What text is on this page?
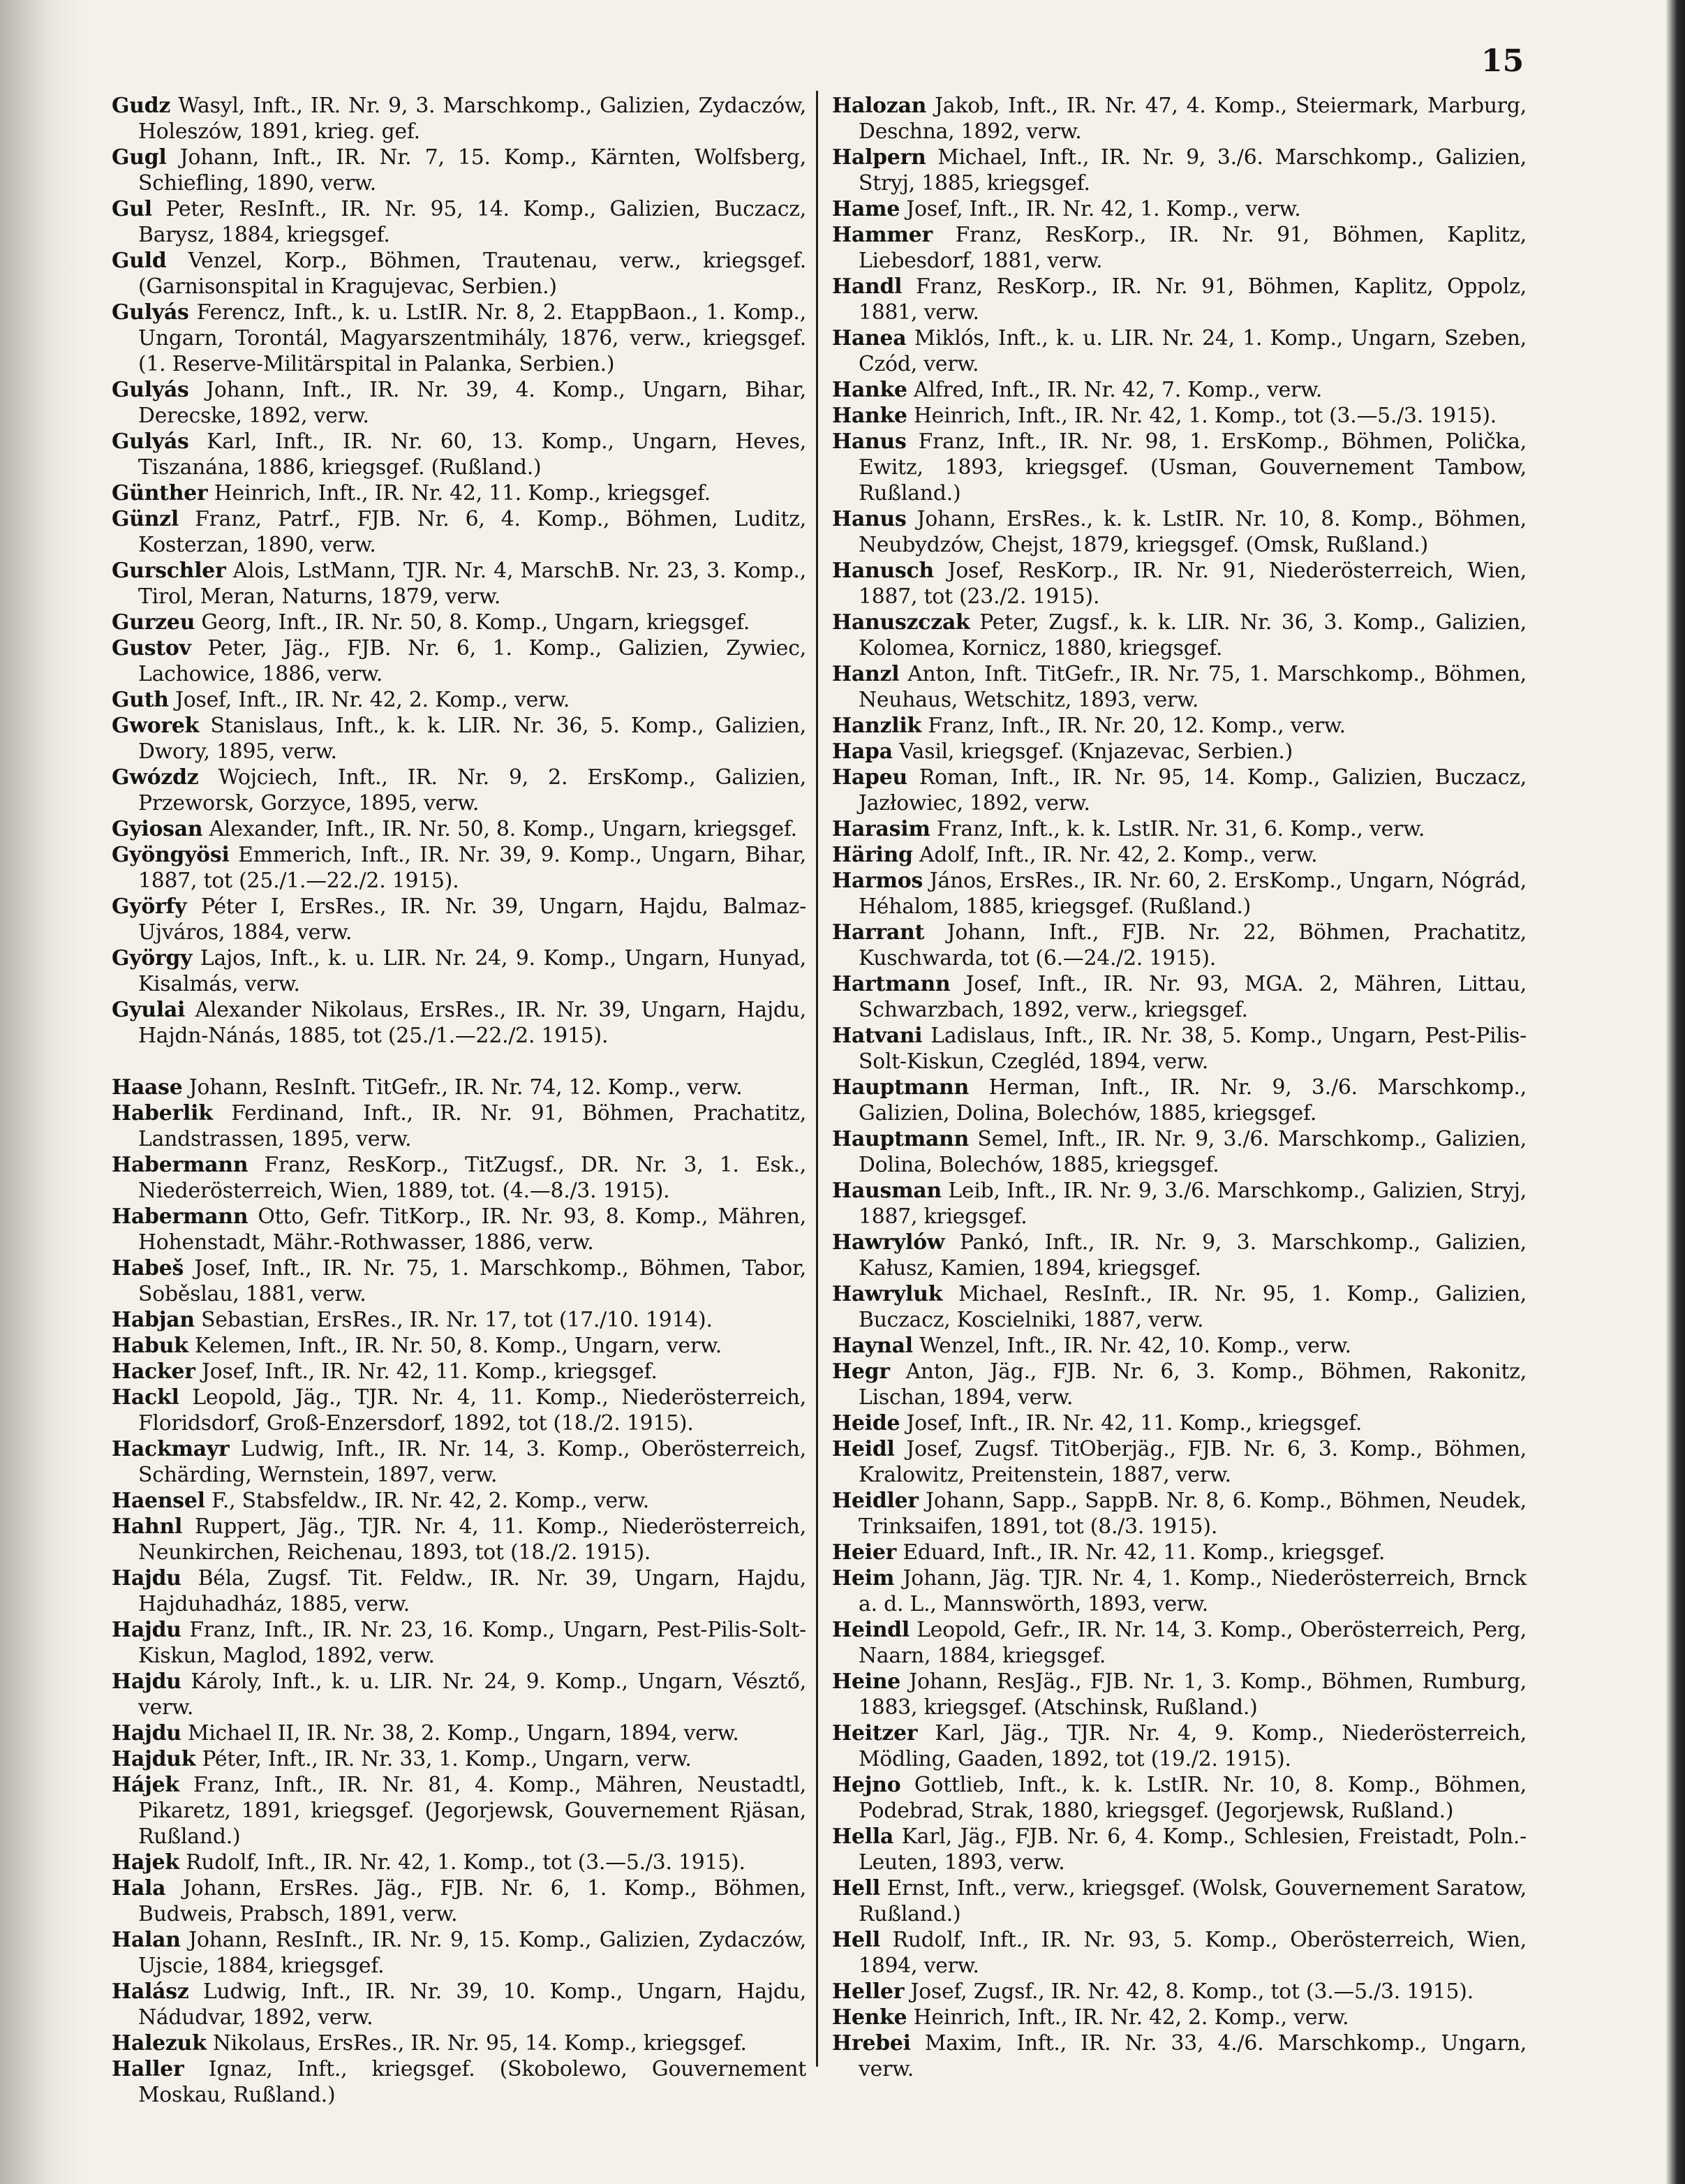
15

Gudz Wasyl, Inft., IR. Nr. 9, 3. Marschkomp., Galizien, Zydaczów, Holeszów, 1891, krieg. gef.

Gugl Johann, Inft., IR. Nr. 7, 15. Komp., Kärnten, Wolfsberg, Schiefling, 1890, verw.

Gul Peter, ResInft., IR. Nr. 95, 14. Komp., Galizien, Buczacz, Barysz, 1884, kriegsgef.

Guld Venzel, Korp., Böhmen, Trautenau, verw., kriegsgef. (Garnisonspital in Kragujevac, Serbien.)

Gulyás Ferencz, Inft., k. u. LstIR. Nr. 8, 2. EtappBaon., 1. Komp., Ungarn, Torontál, Magyarszentmihály, 1876, verw., kriegsgef. (1. Reserve-Militärspital in Palanka, Serbien.)

Gulyás Johann, Inft., IR. Nr. 39, 4. Komp., Ungarn, Bihar, Derecske, 1892, verw.

Gulyás Karl, Inft., IR. Nr. 60, 13. Komp., Ungarn, Heves, Tiszanána, 1886, kriegsgef. (Rußland.)

Günther Heinrich, Inft., IR. Nr. 42, 11. Komp., kriegsgef.

Günzl Franz, Patrf., FJB. Nr. 6, 4. Komp., Böhmen, Luditz, Kosterzan, 1890, verw.

Gurschler Alois, LstMann, TJR. Nr. 4, MarschB. Nr. 23, 3. Komp., Tirol, Meran, Naturns, 1879, verw.

Gurzeu Georg, Inft., IR. Nr. 50, 8. Komp., Ungarn, kriegsgef.

Gustov Peter, Jäg., FJB. Nr. 6, 1. Komp., Galizien, Zywiec, Lachowice, 1886, verw.

Guth Josef, Inft., IR. Nr. 42, 2. Komp., verw.

Gworek Stanislaus, Inft., k. k. LIR. Nr. 36, 5. Komp., Galizien, Dwory, 1895, verw.

Gwózdz Wojciech, Inft., IR. Nr. 9, 2. ErsKomp., Galizien, Przeworsk, Gorzyce, 1895, verw.

Gyiosan Alexander, Inft., IR. Nr. 50, 8. Komp., Ungarn, kriegsgef.

Gyöngyösi Emmerich, Inft., IR. Nr. 39, 9. Komp., Ungarn, Bihar, 1887, tot (25./1.—22./2. 1915).

Györfy Péter I, ErsRes., IR. Nr. 39, Ungarn, Hajdu, Balmaz-Ujváros, 1884, verw.

György Lajos, Inft., k. u. LIR. Nr. 24, 9. Komp., Ungarn, Hunyad, Kisalmás, verw.

Gyulai Alexander Nikolaus, ErsRes., IR. Nr. 39, Ungarn, Hajdu, Hajdn-Nánás, 1885, tot (25./1.—22./2. 1915).

Haase Johann, ResInft. TitGefr., IR. Nr. 74, 12. Komp., verw.

Haberlik Ferdinand, Inft., IR. Nr. 91, Böhmen, Prachatitz, Landstrassen, 1895, verw.

Habermann Franz, ResKorp., TitZugsf., DR. Nr. 3, 1. Esk., Niederösterreich, Wien, 1889, tot. (4.—8./3. 1915).

Habermann Otto, Gefr. TitKorp., IR. Nr. 93, 8. Komp., Mähren, Hohenstadt, Mähr.-Rothwasser, 1886, verw.

Habeš Josef, Inft., IR. Nr. 75, 1. Marschkomp., Böhmen, Tabor, Soběslau, 1881, verw.

Habjan Sebastian, ErsRes., IR. Nr. 17, tot (17./10. 1914).

Habuk Kelemen, Inft., IR. Nr. 50, 8. Komp., Ungarn, verw.

Hacker Josef, Inft., IR. Nr. 42, 11. Komp., kriegsgef.

Hackl Leopold, Jäg., TJR. Nr. 4, 11. Komp., Niederösterreich, Floridsdorf, Groß-Enzersdorf, 1892, tot (18./2. 1915).

Hackmayr Ludwig, Inft., IR. Nr. 14, 3. Komp., Oberösterreich, Schärding, Wernstein, 1897, verw.

Haensel F., Stabsfeldw., IR. Nr. 42, 2. Komp., verw.

Hahnl Ruppert, Jäg., TJR. Nr. 4, 11. Komp., Niederösterreich, Neunkirchen, Reichenau, 1893, tot (18./2. 1915).

Hajdu Béla, Zugsf. Tit. Feldw., IR. Nr. 39, Ungarn, Hajdu, Hajduhadház, 1885, verw.

Hajdu Franz, Inft., IR. Nr. 23, 16. Komp., Ungarn, Pest-Pilis-Solt-Kiskun, Maglod, 1892, verw.

Hajdu Károly, Inft., k. u. LIR. Nr. 24, 9. Komp., Ungarn, Vésztő, verw.

Hajdu Michael II, IR. Nr. 38, 2. Komp., Ungarn, 1894, verw.

Hajduk Péter, Inft., IR. Nr. 33, 1. Komp., Ungarn, verw.

Hájek Franz, Inft., IR. Nr. 81, 4. Komp., Mähren, Neustadtl, Pikaretz, 1891, kriegsgef. (Jegorjewsk, Gouvernement Rjäsan, Rußland.)

Hajek Rudolf, Inft., IR. Nr. 42, 1. Komp., tot (3.—5./3. 1915).

Hala Johann, ErsRes. Jäg., FJB. Nr. 6, 1. Komp., Böhmen, Budweis, Prabsch, 1891, verw.

Halan Johann, ResInft., IR. Nr. 9, 15. Komp., Galizien, Zydaczów, Ujscie, 1884, kriegsgef.

Halász Ludwig, Inft., IR. Nr. 39, 10. Komp., Ungarn, Hajdu, Nádudvar, 1892, verw.

Halezuk Nikolaus, ErsRes., IR. Nr. 95, 14. Komp., kriegsgef.

Haller Ignaz, Inft., kriegsgef. (Skobolewo, Gouvernement Moskau, Rußland.)

Halozan Jakob, Inft., IR. Nr. 47, 4. Komp., Steiermark, Marburg, Deschna, 1892, verw.

Halpern Michael, Inft., IR. Nr. 9, 3./6. Marschkomp., Galizien, Stryj, 1885, kriegsgef.

Hame Josef, Inft., IR. Nr. 42, 1. Komp., verw.

Hammer Franz, ResKorp., IR. Nr. 91, Böhmen, Kaplitz, Liebesdorf, 1881, verw.

Handl Franz, ResKorp., IR. Nr. 91, Böhmen, Kaplitz, Oppolz, 1881, verw.

Hanea Miklós, Inft., k. u. LIR. Nr. 24, 1. Komp., Ungarn, Szeben, Czód, verw.

Hanke Alfred, Inft., IR. Nr. 42, 7. Komp., verw.

Hanke Heinrich, Inft., IR. Nr. 42, 1. Komp., tot (3.—5./3. 1915).

Hanus Franz, Inft., IR. Nr. 98, 1. ErsKomp., Böhmen, Polička, Ewitz, 1893, kriegsgef. (Usman, Gouvernement Tambow, Rußland.)

Hanus Johann, ErsRes., k. k. LstIR. Nr. 10, 8. Komp., Böhmen, Neubydzów, Chejst, 1879, kriegsgef. (Omsk, Rußland.)

Hanusch Josef, ResKorp., IR. Nr. 91, Niederösterreich, Wien, 1887, tot (23./2. 1915).

Hanuszczak Peter, Zugsf., k. k. LIR. Nr. 36, 3. Komp., Galizien, Kolomea, Kornicz, 1880, kriegsgef.

Hanzl Anton, Inft. TitGefr., IR. Nr. 75, 1. Marschkomp., Böhmen, Neuhaus, Wetschitz, 1893, verw.

Hanzlik Franz, Inft., IR. Nr. 20, 12. Komp., verw.

Hapa Vasil, kriegsgef. (Knjazevac, Serbien.)

Hapeu Roman, Inft., IR. Nr. 95, 14. Komp., Galizien, Buczacz, Jazłowiec, 1892, verw.

Harasim Franz, Inft., k. k. LstIR. Nr. 31, 6. Komp., verw.

Häring Adolf, Inft., IR. Nr. 42, 2. Komp., verw.

Harmos János, ErsRes., IR. Nr. 60, 2. ErsKomp., Ungarn, Nógrád, Héhalom, 1885, kriegsgef. (Rußland.)

Harrant Johann, Inft., FJB. Nr. 22, Böhmen, Prachatitz, Kuschwarda, tot (6.—24./2. 1915).

Hartmann Josef, Inft., IR. Nr. 93, MGA. 2, Mähren, Littau, Schwarzbach, 1892, verw., kriegsgef.

Hatvani Ladislaus, Inft., IR. Nr. 38, 5. Komp., Ungarn, Pest-Pilis-Solt-Kiskun, Czegléd, 1894, verw.

Hauptmann Herman, Inft., IR. Nr. 9, 3./6. Marschkomp., Galizien, Dolina, Bolechów, 1885, kriegsgef.

Hauptmann Semel, Inft., IR. Nr. 9, 3./6. Marschkomp., Galizien, Dolina, Bolechów, 1885, kriegsgef.

Hausman Leib, Inft., IR. Nr. 9, 3./6. Marschkomp., Galizien, Stryj, 1887, kriegsgef.

Hawrylów Pankó, Inft., IR. Nr. 9, 3. Marschkomp., Galizien, Kałusz, Kamien, 1894, kriegsgef.

Hawryluk Michael, ResInft., IR. Nr. 95, 1. Komp., Galizien, Buczacz, Koscielniki, 1887, verw.

Haynal Wenzel, Inft., IR. Nr. 42, 10. Komp., verw.

Hegr Anton, Jäg., FJB. Nr. 6, 3. Komp., Böhmen, Rakonitz, Lischan, 1894, verw.

Heide Josef, Inft., IR. Nr. 42, 11. Komp., kriegsgef.

Heidl Josef, Zugsf. TitOberjäg., FJB. Nr. 6, 3. Komp., Böhmen, Kralowitz, Preitenstein, 1887, verw.

Heidler Johann, Sapp., SappB. Nr. 8, 6. Komp., Böhmen, Neudek, Trinksaifen, 1891, tot (8./3. 1915).

Heier Eduard, Inft., IR. Nr. 42, 11. Komp., kriegsgef.

Heim Johann, Jäg. TJR. Nr. 4, 1. Komp., Niederösterreich, Brnck a. d. L., Mannswörth, 1893, verw.

Heindl Leopold, Gefr., IR. Nr. 14, 3. Komp., Oberösterreich, Perg, Naarn, 1884, kriegsgef.

Heine Johann, ResJäg., FJB. Nr. 1, 3. Komp., Böhmen, Rumburg, 1883, kriegsgef. (Atschinsk, Rußland.)

Heitzer Karl, Jäg., TJR. Nr. 4, 9. Komp., Niederösterreich, Mödling, Gaaden, 1892, tot (19./2. 1915).

Hejno Gottlieb, Inft., k. k. LstIR. Nr. 10, 8. Komp., Böhmen, Podebrad, Strak, 1880, kriegsgef. (Jegorjewsk, Rußland.)

Hella Karl, Jäg., FJB. Nr. 6, 4. Komp., Schlesien, Freistadt, Poln.-Leuten, 1893, verw.

Hell Ernst, Inft., verw., kriegsgef. (Wolsk, Gouvernement Saratow, Rußland.)

Hell Rudolf, Inft., IR. Nr. 93, 5. Komp., Oberösterreich, Wien, 1894, verw.

Heller Josef, Zugsf., IR. Nr. 42, 8. Komp., tot (3.—5./3. 1915).

Henke Heinrich, Inft., IR. Nr. 42, 2. Komp., verw.

Hrebei Maxim, Inft., IR. Nr. 33, 4./6. Marschkomp., Ungarn, verw.
